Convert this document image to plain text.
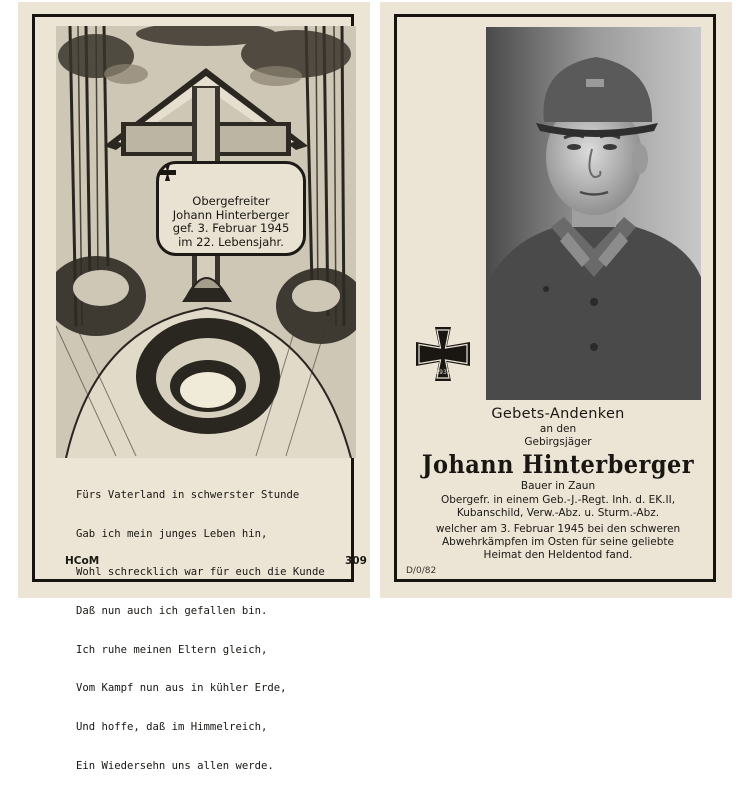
Obergefreiter
Johann Hinterberger
gef. 3. Februar 1945
im 22. Lebensjahr.

Fürs Vaterland in schwerster Stunde

Gab ich mein junges Leben hin,

Wohl schrecklich war für euch die Kunde

Daß nun auch ich gefallen bin.

Ich ruhe meinen Eltern gleich,

Vom Kampf nun aus in kühler Erde,

Und hoffe, daß im Himmelreich,

Ein Wiedersehn uns allen werde.

HCoM	309
1939
Gebets-Andenken
an den
Gebirgsjäger
Johann Hinterberger
Bauer in Zaun
Obergefr. in einem Geb.-J.-Regt. Inh. d. EK.II,
Kubanschild, Verw.-Abz. u. Sturm.-Abz.
welcher am 3. Februar 1945 bei den schweren
Abwehrkämpfen im Osten für seine geliebte
Heimat den Heldentod fand.
D/0/82
